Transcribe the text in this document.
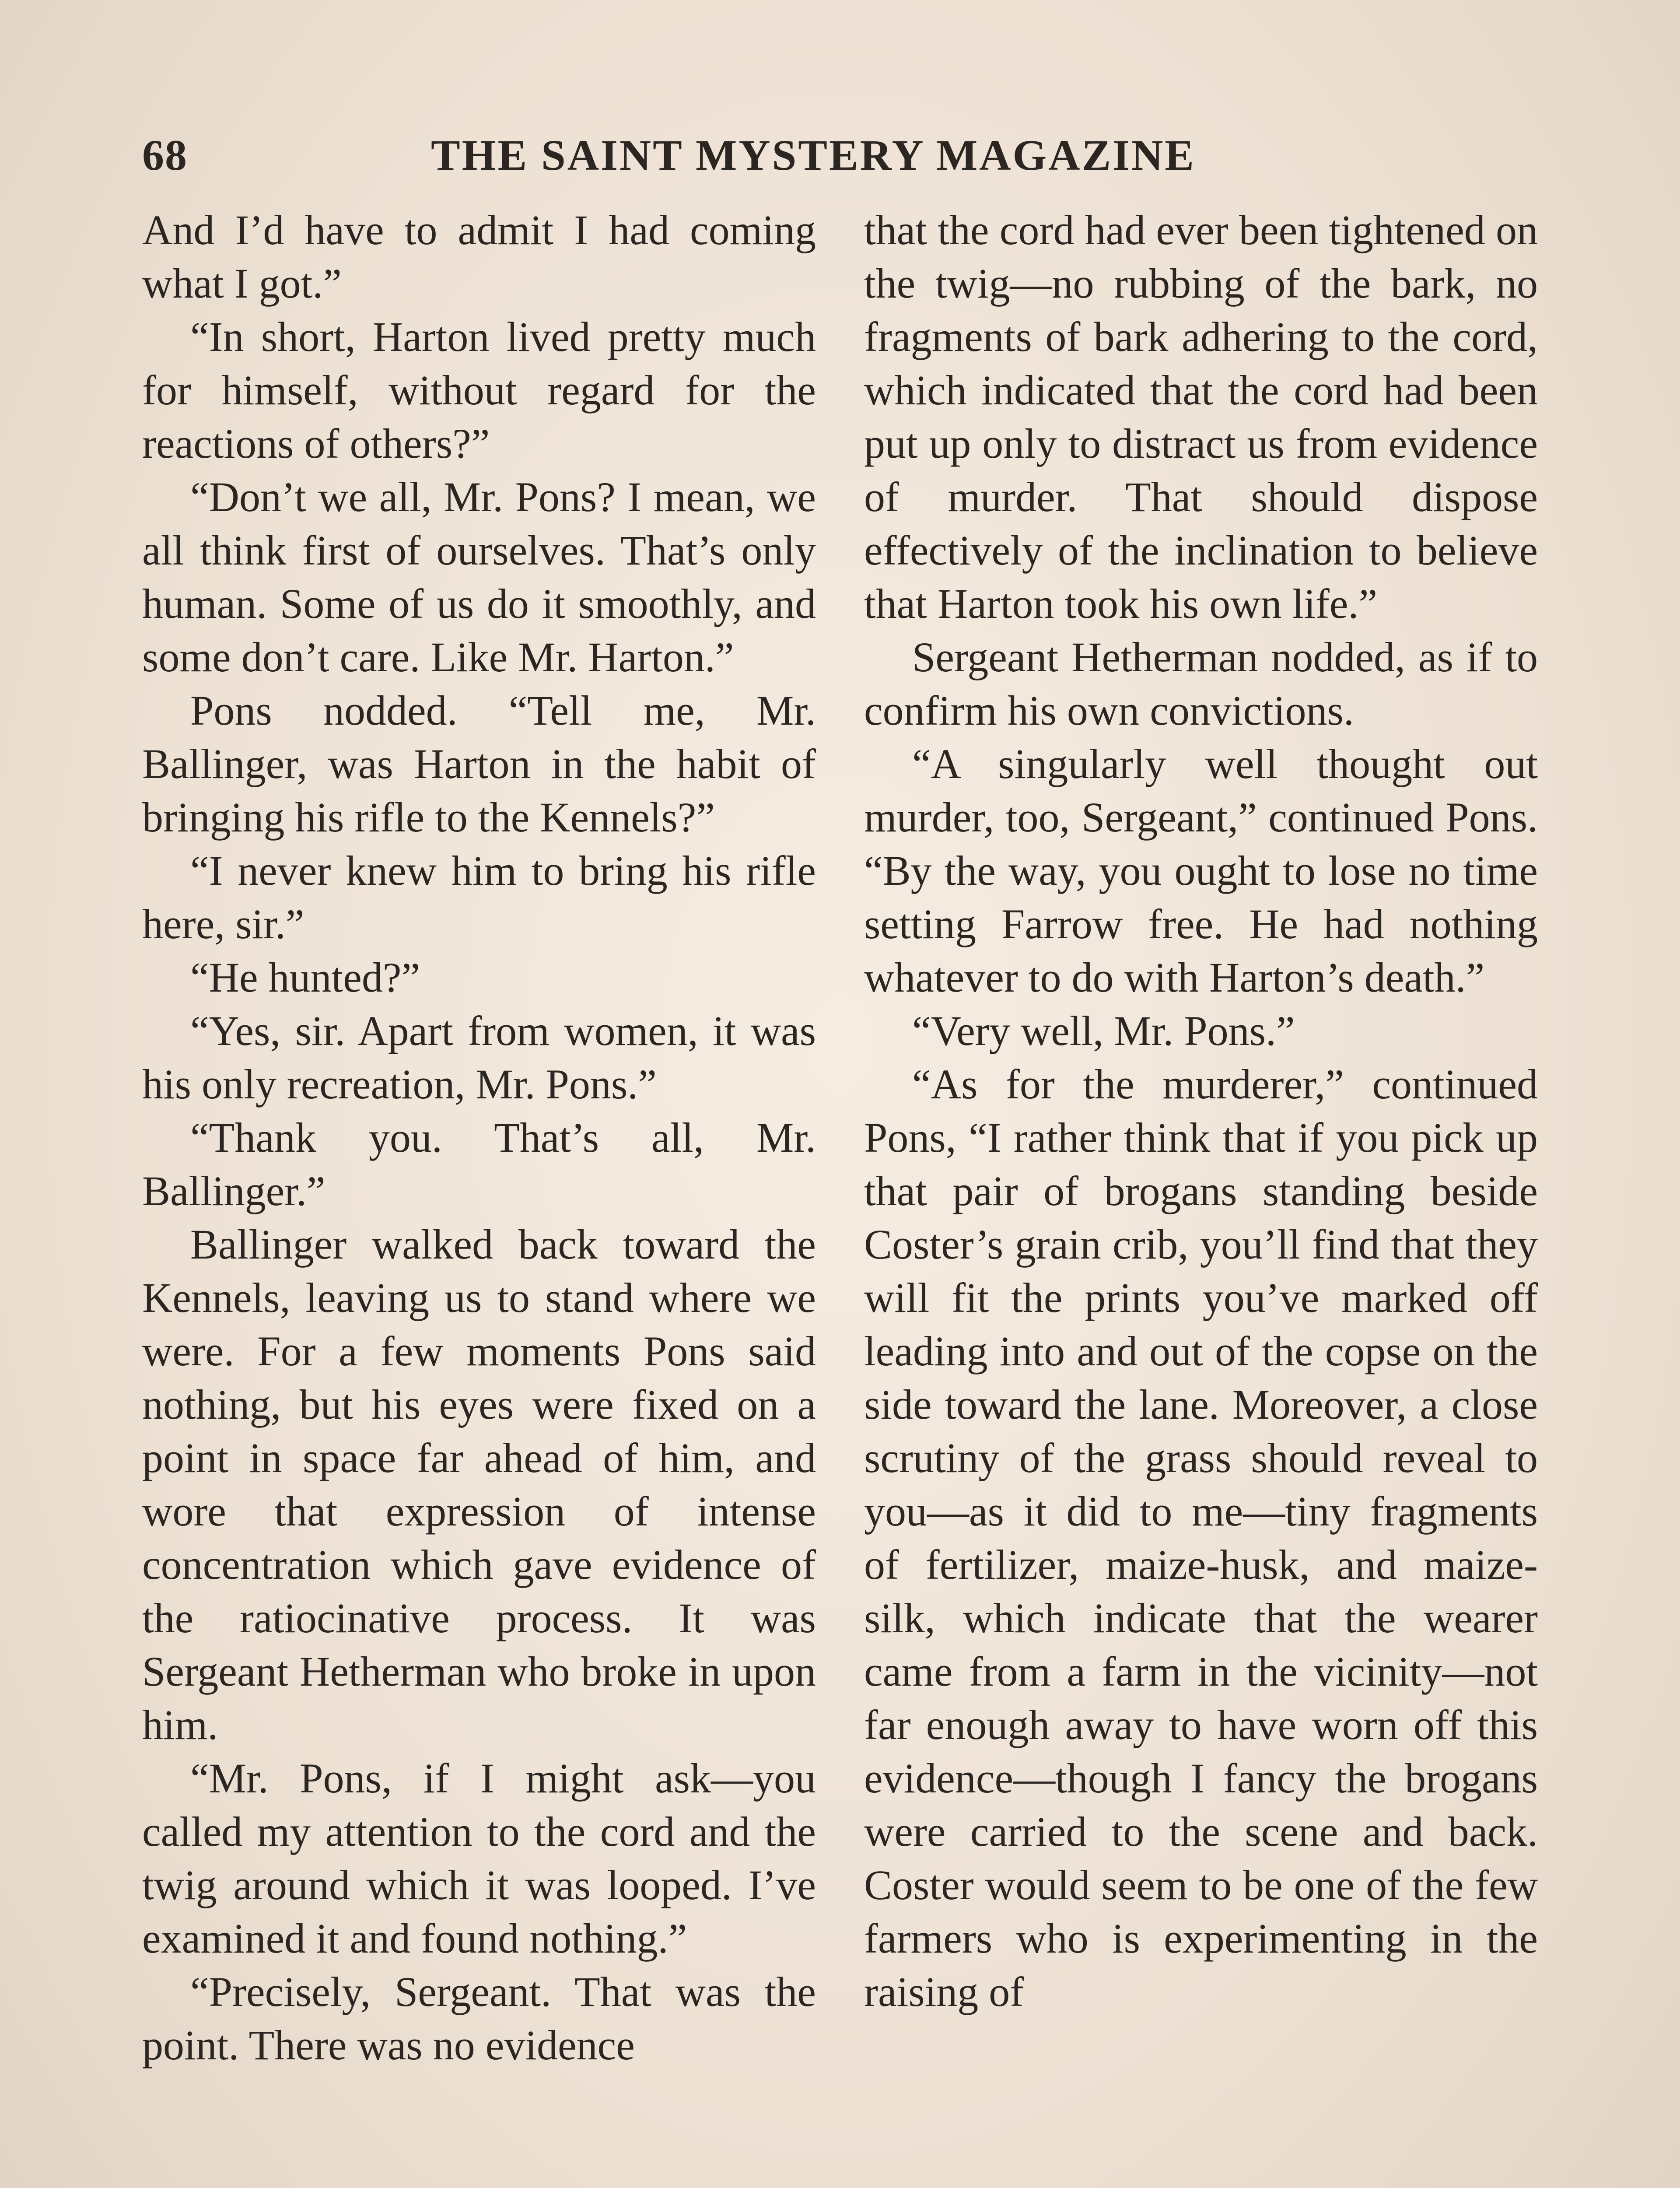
68	THE SAINT MYSTERY MAGAZINE

And I’d have to admit I had coming what I got.”

“In short, Harton lived pretty much for himself, without regard for the reactions of others?”

“Don’t we all, Mr. Pons? I mean, we all think first of ourselves. That’s only human. Some of us do it smoothly, and some don’t care. Like Mr. Harton.”

Pons nodded. “Tell me, Mr. Ballinger, was Harton in the habit of bringing his rifle to the Kennels?”

“I never knew him to bring his rifle here, sir.”

“He hunted?”

“Yes, sir. Apart from women, it was his only recreation, Mr. Pons.”

“Thank you. That’s all, Mr. Ballinger.”

Ballinger walked back toward the Kennels, leaving us to stand where we were. For a few moments Pons said nothing, but his eyes were fixed on a point in space far ahead of him, and wore that expression of intense concentration which gave evidence of the ratiocinative process. It was Sergeant Hetherman who broke in upon him.

“Mr. Pons, if I might ask—you called my attention to the cord and the twig around which it was looped. I’ve examined it and found nothing.”

“Precisely, Sergeant. That was the point. There was no evidence

that the cord had ever been tightened on the twig—no rubbing of the bark, no fragments of bark adhering to the cord, which indicated that the cord had been put up only to distract us from evidence of murder. That should dispose effectively of the inclination to believe that Harton took his own life.”

Sergeant Hetherman nodded, as if to confirm his own convictions.

“A singularly well thought out murder, too, Sergeant,” continued Pons. “By the way, you ought to lose no time setting Farrow free. He had nothing whatever to do with Harton’s death.”

“Very well, Mr. Pons.”

“As for the murderer,” continued Pons, “I rather think that if you pick up that pair of brogans standing beside Coster’s grain crib, you’ll find that they will fit the prints you’ve marked off leading into and out of the copse on the side toward the lane. Moreover, a close scrutiny of the grass should reveal to you—as it did to me—tiny fragments of fertilizer, maize-husk, and maize-silk, which indicate that the wearer came from a farm in the vicinity—not far enough away to have worn off this evidence—though I fancy the brogans were carried to the scene and back. Coster would seem to be one of the few farmers who is experimenting in the raising of
